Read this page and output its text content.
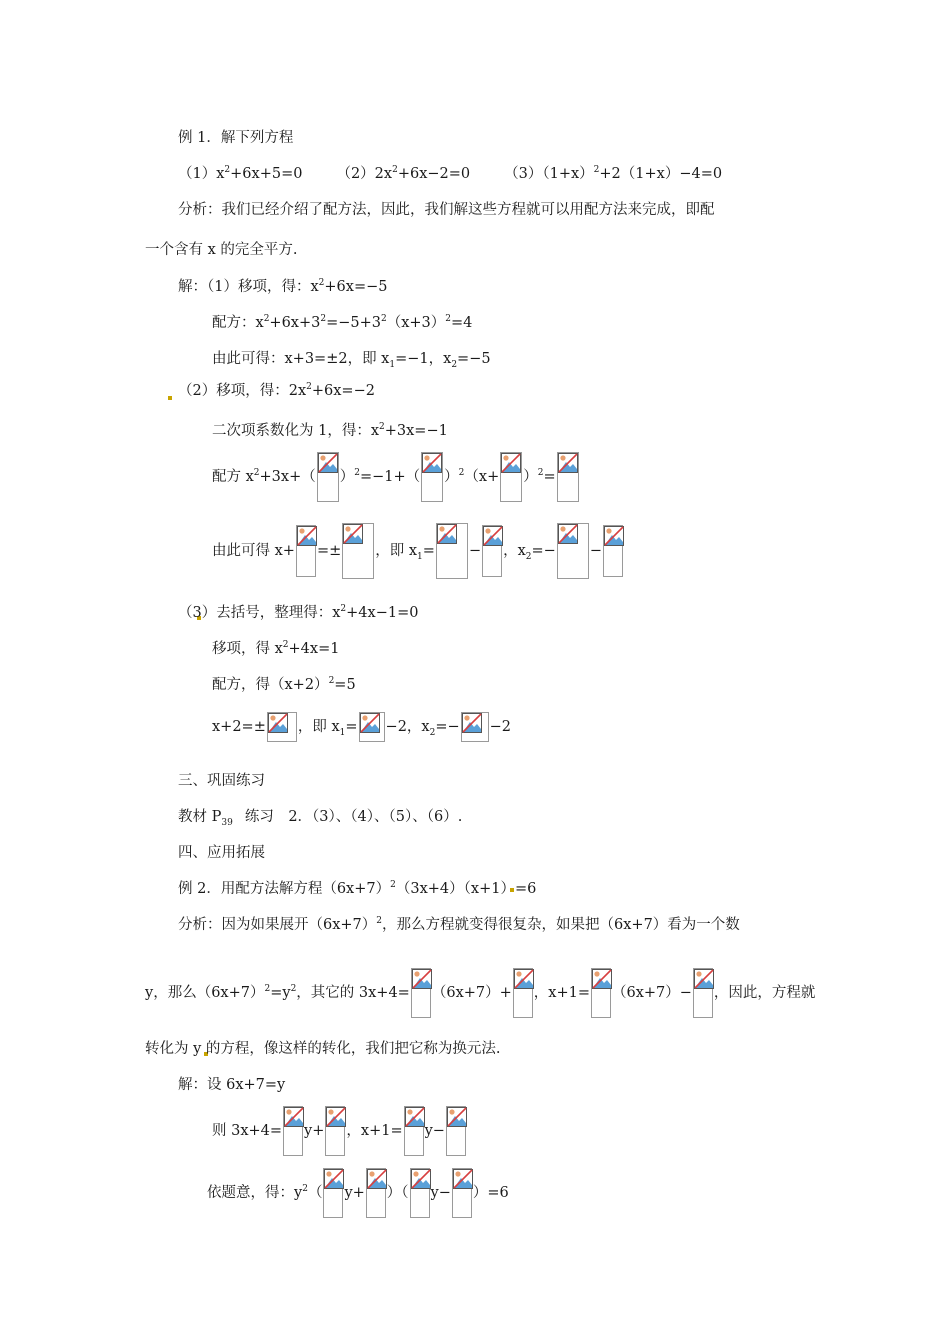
例 1．解下列方程
$(1)x^2+6x+5=0$ $(2)2x^2+6x-2=0$ $(3)(1+x)^2+2(1+x)-4=0$
分析：我们已经介绍了配方法，因此，我们解这些方程就可以用配方法来完成，即配
一个含有 x 的完全平方.
解：（1）移项，得：$x^2+6x=-5$
配方：$x^2+6x+3^2=-5+3^2(x+3)^2=4$
由此可得：x+3=±2，即 $x_1=-1$，$x_2=-5$
（2）移项，得：$2x^2+6x=-2$
二次项系数化为 1，得：$x^2+3x=-1$
配方 $x^2+3x+$（ ）$^2$=−1+（ ）$^2(x+ )^2=$
由此可得 x+ =± ，即 $x_1=$ − ，$x_2=-$ −
（3）去括号，整理得：$x^2+4x-1=0$
移项，得 $x^2+4x=1$
配方，得$(x+2)^2=5$
x+2=± ，即 $x_1= -2$，$x_2=- -2$
三、巩固练习
教材 $P_{39}$ 练习　2．（3）、（4）、（5）、（6）.
四、应用拓展
例 2．用配方法解方程$(6x+7)^2(3x+4)(x+1)=6$
分析：因为如果展开$(6x+7)^2$，那么方程就变得很复杂，如果把（6x+7）看为一个数
y，那么$(6x+7)^2=y^2$，其它的 3x+4= （6x+7）+ ，x+1= （6x+7）− ，因此，方程就
转化为 y 的方程，像这样的转化，我们把它称为换元法.
解：设 6x+7=y
则 3x+4= y+ ，x+1= y−
依题意，得：$y^2$（ y+ ）（ y− ）=6
